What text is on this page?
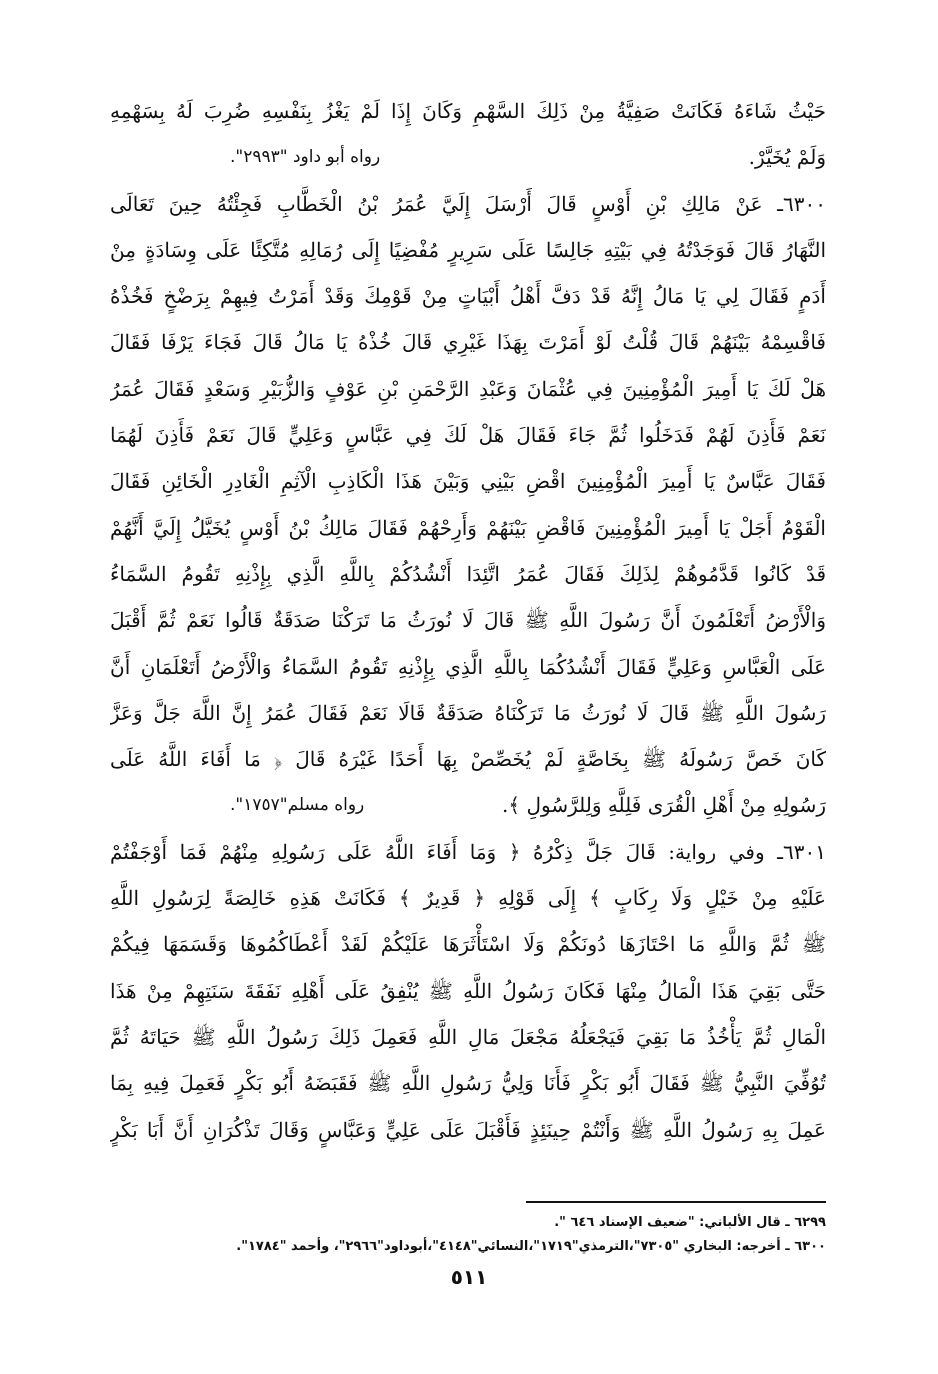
حَيْثُ شَاءَهُ فَكَانَتْ صَفِيَّةُ مِنْ ذَلِكَ السَّهْمِ وَكَانَ إِذَا لَمْ يَغْزُ بِنَفْسِهِ ضُرِبَ لَهُ بِسَهْمِهِ
وَلَمْ يُخَيَّرْ.
رواه أبو داود "٢٩٩٣".
٦٣٠٠ـ عَنْ مَالِكِ بْنِ أَوْسٍ قَالَ أَرْسَلَ إِلَيَّ عُمَرُ بْنُ الْخَطَّابِ فَجِئْتُهُ حِينَ تَعَالَى
النَّهَارُ قَالَ فَوَجَدْتُهُ فِي بَيْتِهِ جَالِسًا عَلَى سَرِيرٍ مُفْضِيًا إِلَى رُمَالِهِ مُتَّكِئًا عَلَى وِسَادَةٍ مِنْ
أَدَمٍ فَقَالَ لِي يَا مَالُ إِنَّهُ قَدْ دَفَّ أَهْلُ أَبْيَاتٍ مِنْ قَوْمِكَ وَقَدْ أَمَرْتُ فِيهِمْ بِرَضْخٍ فَخُذْهُ
فَاقْسِمْهُ بَيْنَهُمْ قَالَ قُلْتُ لَوْ أَمَرْتَ بِهَذَا غَيْرِي قَالَ خُذْهُ يَا مَالُ قَالَ فَجَاءَ يَرْفَا فَقَالَ
هَلْ لَكَ يَا أَمِيرَ الْمُؤْمِنِينَ فِي عُثْمَانَ وَعَبْدِ الرَّحْمَنِ بْنِ عَوْفٍ وَالزُّبَيْرِ وَسَعْدٍ فَقَالَ عُمَرُ
نَعَمْ فَأَذِنَ لَهُمْ فَدَخَلُوا ثُمَّ جَاءَ فَقَالَ هَلْ لَكَ فِي عَبَّاسٍ وَعَلِيٍّ قَالَ نَعَمْ فَأَذِنَ لَهُمَا
فَقَالَ عَبَّاسٌ يَا أَمِيرَ الْمُؤْمِنِينَ اقْضِ بَيْنِي وَبَيْنَ هَذَا الْكَاذِبِ الْآثِمِ الْغَادِرِ الْخَائِنِ فَقَالَ
الْقَوْمُ أَجَلْ يَا أَمِيرَ الْمُؤْمِنِينَ فَاقْضِ بَيْنَهُمْ وَأَرِحْهُمْ فَقَالَ مَالِكُ بْنُ أَوْسٍ يُخَيَّلُ إِلَيَّ أَنَّهُمْ
قَدْ كَانُوا قَدَّمُوهُمْ لِذَلِكَ فَقَالَ عُمَرُ اتَّئِدَا أَنْشُدُكُمْ بِاللَّهِ الَّذِي بِإِذْنِهِ تَقُومُ السَّمَاءُ
وَالْأَرْضُ أَتَعْلَمُونَ أَنَّ رَسُولَ اللَّهِ ﷺ قَالَ لَا نُورَثُ مَا تَرَكْنَا صَدَقَةٌ قَالُوا نَعَمْ ثُمَّ أَقْبَلَ
عَلَى الْعَبَّاسِ وَعَلِيٍّ فَقَالَ أَنْشُدُكُمَا بِاللَّهِ الَّذِي بِإِذْنِهِ تَقُومُ السَّمَاءُ وَالْأَرْضُ أَتَعْلَمَانِ أَنَّ
رَسُولَ اللَّهِ ﷺ قَالَ لَا نُورَثُ مَا تَرَكْنَاهُ صَدَقَةٌ قَالَا نَعَمْ فَقَالَ عُمَرُ إِنَّ اللَّهَ جَلَّ وَعَزَّ
كَانَ خَصَّ رَسُولَهُ ﷺ بِخَاصَّةٍ لَمْ يُخَصِّصْ بِهَا أَحَدًا غَيْرَهُ قَالَ ﴿ مَا أَفَاءَ اللَّهُ عَلَى
رَسُولِهِ مِنْ أَهْلِ الْقُرَى فَلِلَّهِ وَلِلرَّسُولِ ﴾.
رواه مسلم"١٧٥٧".
٦٣٠١ـ وفي رواية: قَالَ جَلَّ ذِكْرُهُ ﴿ وَمَا أَفَاءَ اللَّهُ عَلَى رَسُولِهِ مِنْهُمْ فَمَا أَوْجَفْتُمْ
عَلَيْهِ مِنْ خَيْلٍ وَلَا رِكَابٍ ﴾ إِلَى قَوْلِهِ ﴿ قَدِيرٌ ﴾ فَكَانَتْ هَذِهِ خَالِصَةً لِرَسُولِ اللَّهِ
ﷺ ثُمَّ وَاللَّهِ مَا احْتَازَهَا دُونَكُمْ وَلَا اسْتَأْثَرَهَا عَلَيْكُمْ لَقَدْ أَعْطَاكُمُوهَا وَقَسَمَهَا فِيكُمْ
حَتَّى بَقِيَ هَذَا الْمَالُ مِنْهَا فَكَانَ رَسُولُ اللَّهِ ﷺ يُنْفِقُ عَلَى أَهْلِهِ نَفَقَةَ سَنَتِهِمْ مِنْ هَذَا
الْمَالِ ثُمَّ يَأْخُذُ مَا بَقِيَ فَيَجْعَلُهُ مَجْعَلَ مَالِ اللَّهِ فَعَمِلَ ذَلِكَ رَسُولُ اللَّهِ ﷺ حَيَاتَهُ ثُمَّ
تُوُفِّيَ النَّبِيُّ ﷺ فَقَالَ أَبُو بَكْرٍ فَأَنَا وَلِيُّ رَسُولِ اللَّهِ ﷺ فَقَبَضَهُ أَبُو بَكْرٍ فَعَمِلَ فِيهِ بِمَا
عَمِلَ بِهِ رَسُولُ اللَّهِ ﷺ وَأَنْتُمْ حِينَئِذٍ فَأَقْبَلَ عَلَى عَلِيٍّ وَعَبَّاسٍ وَقَالَ تَذْكُرَانِ أَنَّ أَبَا بَكْرٍ
٦٢٩٩ ـ قال الألباني: "ضعيف الإسناد ٦٤٦ ".
٦٣٠٠ ـ أخرجه: البخاري "٧٣٠٥"،الترمذي"١٧١٩"،النسائي"٤١٤٨"،أبوداود"٢٩٦٦"، وأحمد "١٧٨٤".
٥١١
